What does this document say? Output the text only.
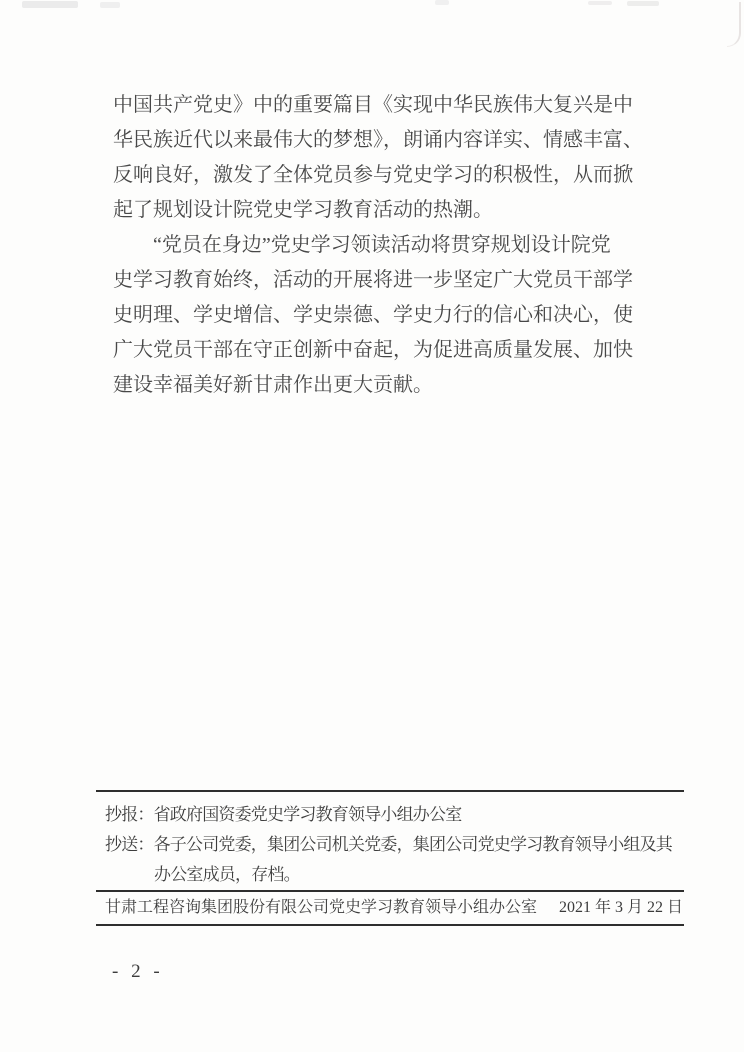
中国共产党史》中的重要篇目《实现中华民族伟大复兴是中
华民族近代以来最伟大的梦想》，朗诵内容详实、情感丰富、
反响良好，激发了全体党员参与党史学习的积极性，从而掀
起了规划设计院党史学习教育活动的热潮。
“党员在身边”党史学习领读活动将贯穿规划设计院党
史学习教育始终，活动的开展将进一步坚定广大党员干部学
史明理、学史增信、学史崇德、学史力行的信心和决心，使
广大党员干部在守正创新中奋起，为促进高质量发展、加快
建设幸福美好新甘肃作出更大贡献。
抄报： 省政府国资委党史学习教育领导小组办公室
抄送： 各子公司党委，集团公司机关党委，集团公司党史学习教育领导小组及其
办公室成员，存档。
甘肃工程咨询集团股份有限公司党史学习教育领导小组办公室 2021 年 3 月 22 日
- 2 -
